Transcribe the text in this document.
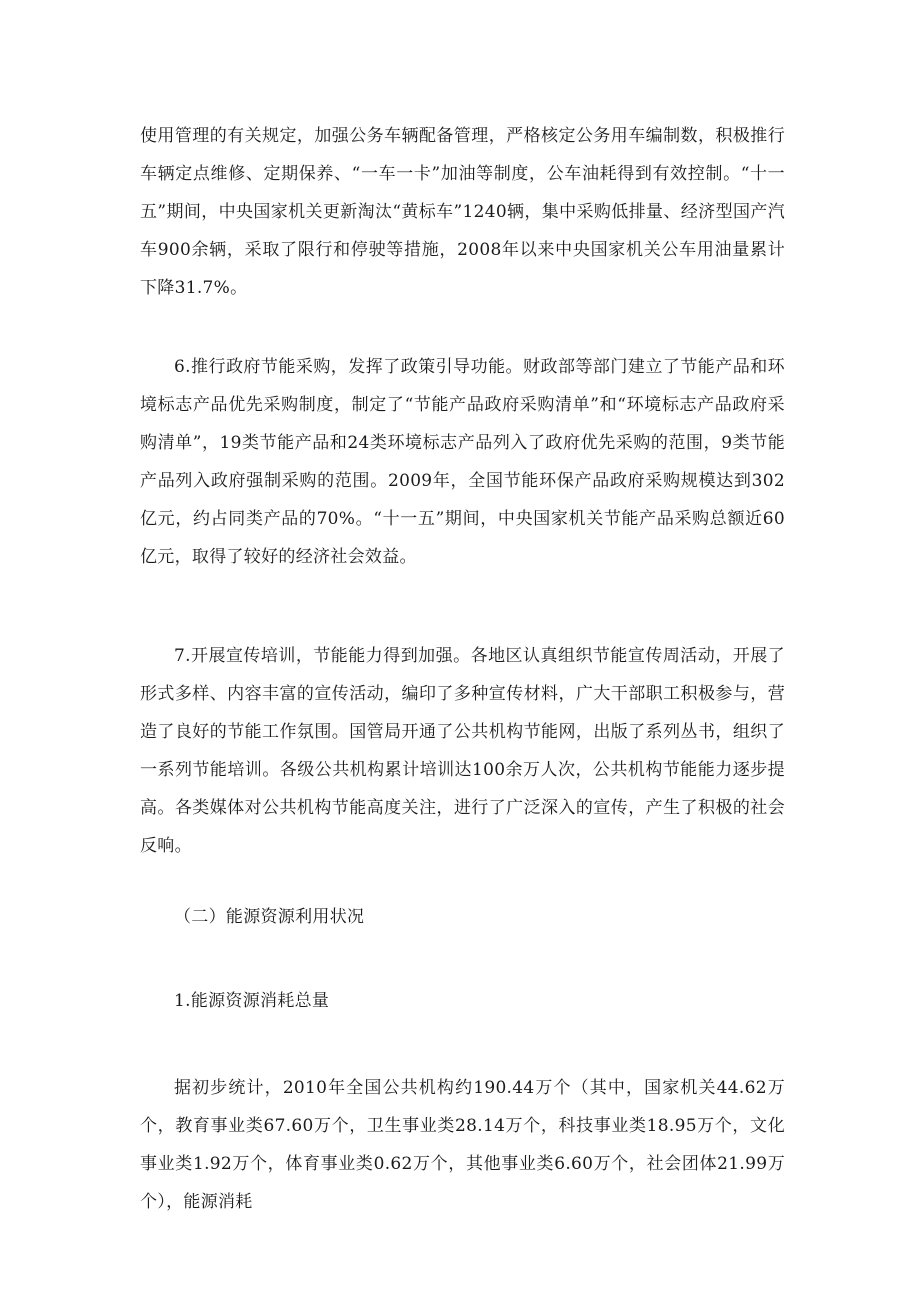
使用管理的有关规定，加强公务车辆配备管理，严格核定公务用车编制数，积极推行车辆定点维修、定期保养、“一车一卡”加油等制度，公车油耗得到有效控制。“十一五”期间，中央国家机关更新淘汰“黄标车”1240辆，集中采购低排量、经济型国产汽车900余辆，采取了限行和停驶等措施，2008年以来中央国家机关公车用油量累计下降31.7%。

6.推行政府节能采购，发挥了政策引导功能。财政部等部门建立了节能产品和环境标志产品优先采购制度，制定了“节能产品政府采购清单”和“环境标志产品政府采购清单”，19类节能产品和24类环境标志产品列入了政府优先采购的范围，9类节能产品列入政府强制采购的范围。2009年，全国节能环保产品政府采购规模达到302亿元，约占同类产品的70%。“十一五”期间，中央国家机关节能产品采购总额近60亿元，取得了较好的经济社会效益。

7.开展宣传培训，节能能力得到加强。各地区认真组织节能宣传周活动，开展了形式多样、内容丰富的宣传活动，编印了多种宣传材料，广大干部职工积极参与，营造了良好的节能工作氛围。国管局开通了公共机构节能网，出版了系列丛书，组织了一系列节能培训。各级公共机构累计培训达100余万人次，公共机构节能能力逐步提高。各类媒体对公共机构节能高度关注，进行了广泛深入的宣传，产生了积极的社会反响。

（二）能源资源利用状况

1.能源资源消耗总量

据初步统计，2010年全国公共机构约190.44万个（其中，国家机关44.62万个，教育事业类67.60万个，卫生事业类28.14万个，科技事业类18.95万个，文化事业类1.92万个，体育事业类0.62万个，其他事业类6.60万个，社会团体21.99万个），能源消耗
